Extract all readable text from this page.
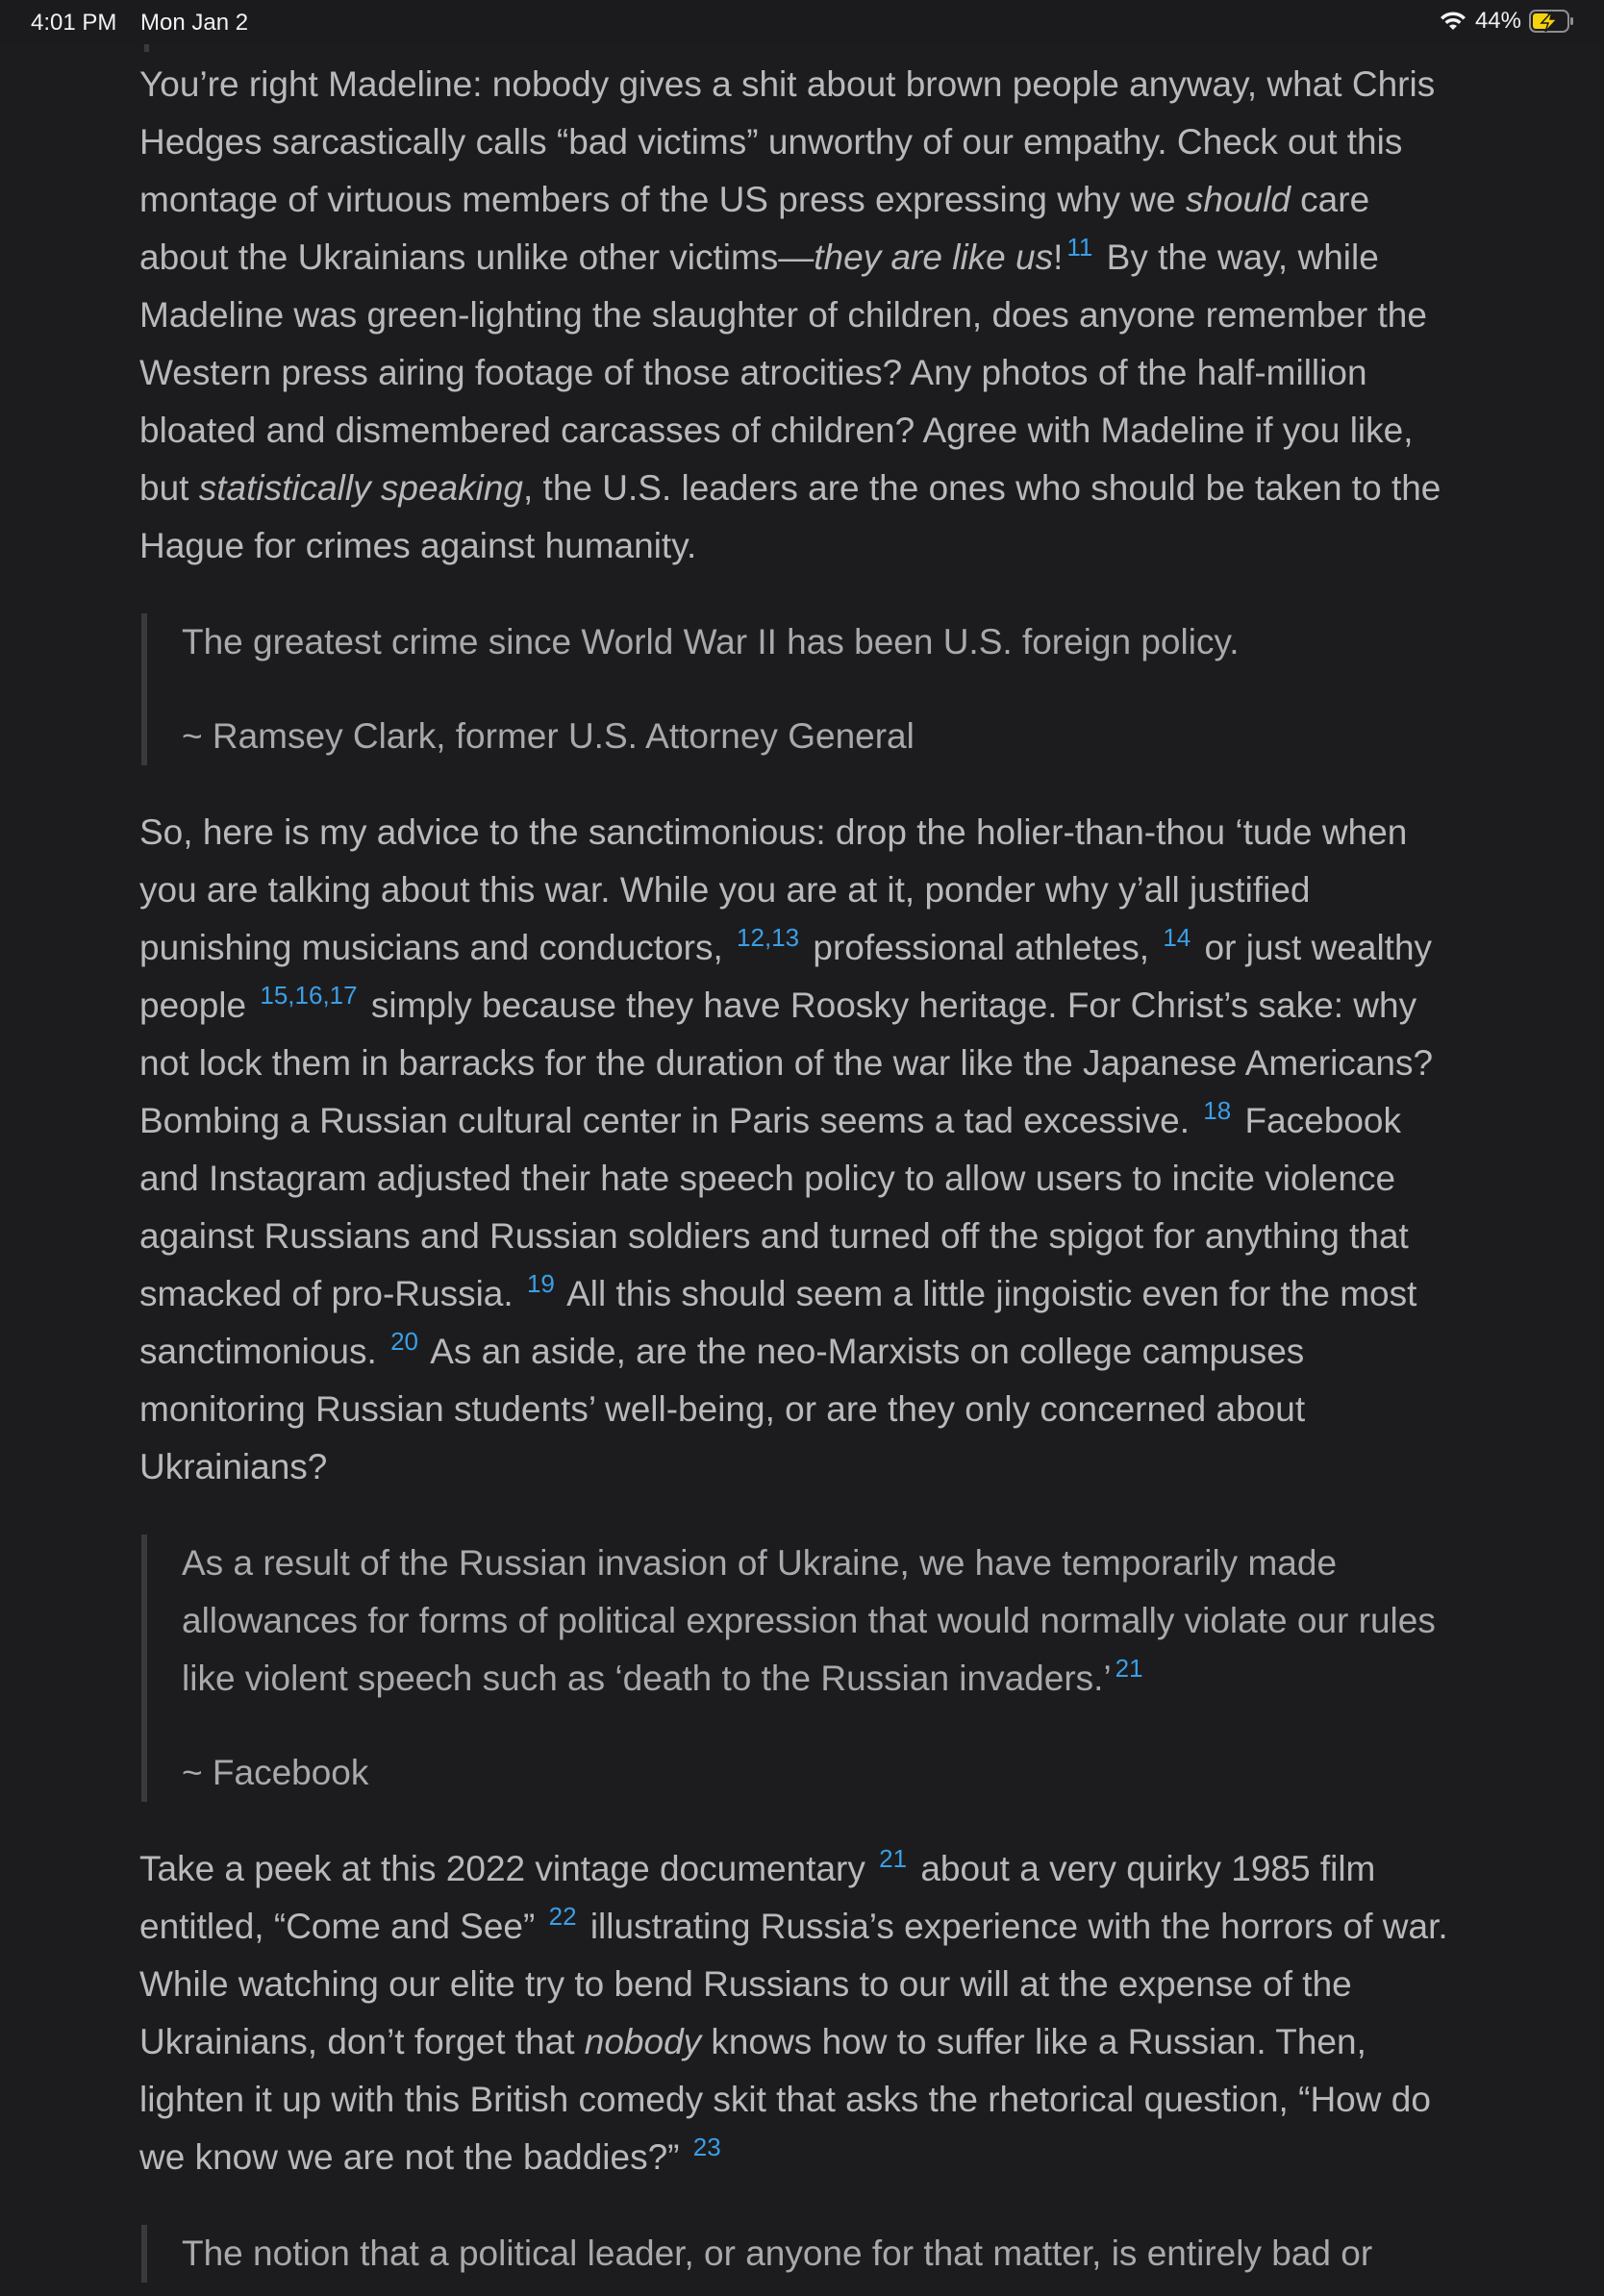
4:01 PM Mon Jan 2	44%

You’re right Madeline: nobody gives a shit about brown people anyway, what Chris Hedges sarcastically calls “bad victims” unworthy of our empathy. Check out this montage of virtuous members of the US press expressing why we should care about the Ukrainians unlike other victims—they are like us! $^{11}$ By the way, while Madeline was green-lighting the slaughter of children, does anyone remember the Western press airing footage of those atrocities? Any photos of the half-million bloated and dismembered carcasses of children? Agree with Madeline if you like, but statistically speaking, the U.S. leaders are the ones who should be taken to the Hague for crimes against humanity.

The greatest crime since World War II has been U.S. foreign policy.

~ Ramsey Clark, former U.S. Attorney General

So, here is my advice to the sanctimonious: drop the holier-than-thou ‘tude when you are talking about this war. While you are at it, ponder why y’all justified punishing musicians and conductors, $^{12,13}$ professional athletes, $^{14}$ or just wealthy people $^{15,16,17}$ simply because they have Roosky heritage. For Christ’s sake: why not lock them in barracks for the duration of the war like the Japanese Americans? Bombing a Russian cultural center in Paris seems a tad excessive. $^{18}$ Facebook and Instagram adjusted their hate speech policy to allow users to incite violence against Russians and Russian soldiers and turned off the spigot for anything that smacked of pro-Russia. $^{19}$ All this should seem a little jingoistic even for the most sanctimonious. $^{20}$ As an aside, are the neo-Marxists on college campuses monitoring Russian students’ well-being, or are they only concerned about Ukrainians?

As a result of the Russian invasion of Ukraine, we have temporarily made allowances for forms of political expression that would normally violate our rules like violent speech such as ‘death to the Russian invaders.’ $^{21}$

~ Facebook

Take a peek at this 2022 vintage documentary $^{21}$ about a very quirky 1985 film entitled, “Come and See” $^{22}$ illustrating Russia’s experience with the horrors of war. While watching our elite try to bend Russians to our will at the expense of the Ukrainians, don’t forget that nobody knows how to suffer like a Russian. Then, lighten it up with this British comedy skit that asks the rhetorical question, “How do we know we are not the baddies?” $^{23}$

The notion that a political leader, or anyone for that matter, is entirely bad or
